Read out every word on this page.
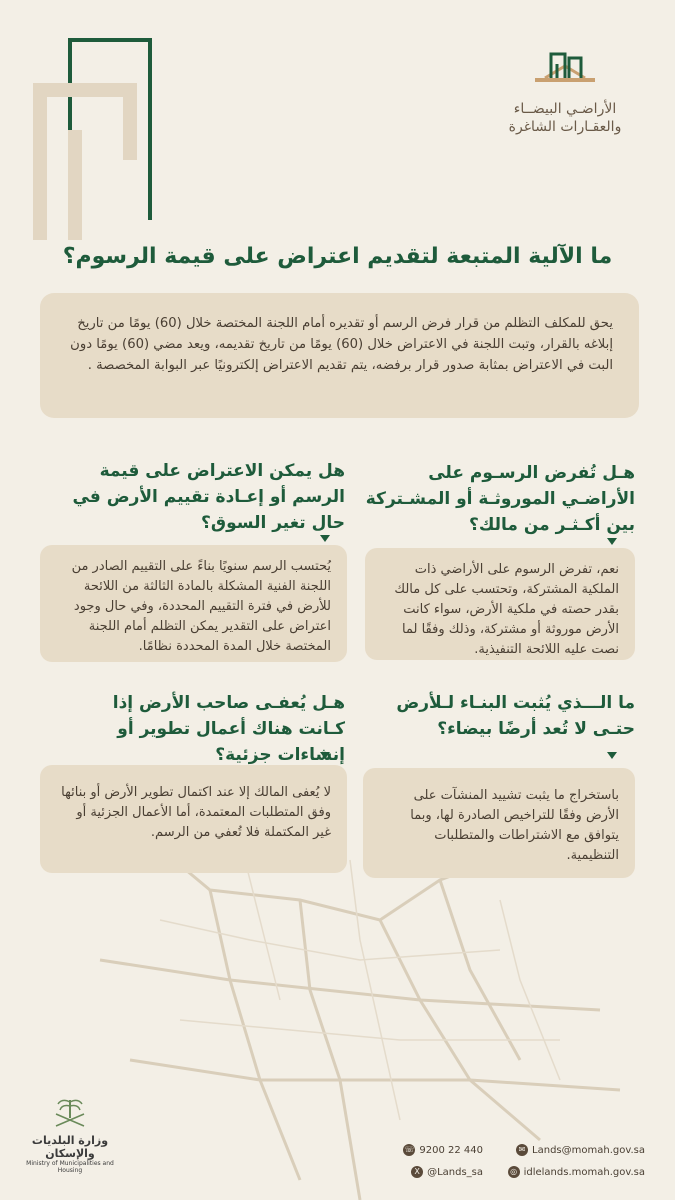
الأراضـي البيضــاء
والعقـارات الشاغرة
ما الآلية المتبعة لتقديم اعتراض على قيمة الرسوم؟
يحق للمكلف التظلم من قرار فرض الرسم أو تقديره أمام اللجنة المختصة خلال (60) يومًا من تاريخ إبلاغه بالقرار، وتبت اللجنة في الاعتراض خلال (60) يومًا من تاريخ تقديمه، ويعد مضي (60) يومًا دون البت في الاعتراض بمثابة صدور قرار برفضه، يتم تقديم الاعتراض إلكترونيًا عبر البوابة المخصصة .
هـل تُفرض الرسـوم على الأراضـي الموروثـة أو المشـتركة بين أكـثـر من مالك؟
نعم، تفرض الرسوم على الأراضي ذات الملكية المشتركة، وتحتسب على كل مالك بقدر حصته في ملكية الأرض، سواء كانت الأرض موروثة أو مشتركة، وذلك وفقًا لما نصت عليه اللائحة التنفيذية.
هل يمكن الاعتراض على قيمة الرسم أو إعـادة تقييم الأرض في حال تغير السوق؟
يُحتسب الرسم سنويًا بناءً على التقييم الصادر من اللجنة الفنية المشكلة بالمادة الثالثة من اللائحة للأرض في فترة التقييم المحددة، وفي حال وجود اعتراض على التقدير يمكن التظلم أمام اللجنة المختصة خلال المدة المحددة نظامًا.
ما الـــذي يُثبت البنـاء لـلأرض حتـى لا تُعد أرضًا بيضاء؟
باستخراج ما يثبت تشييد المنشآت على الأرض وفقًا للتراخيص الصادرة لها، وبما يتوافق مع الاشتراطات والمتطلبات التنظيمية.
هـل يُعفـى صاحب الأرض إذا كـانت هناك أعمال تطوير أو إنشاءات جزئية؟
لا يُعفى المالك إلا عند اكتمال تطوير الأرض أو بنائها وفق المتطلبات المعتمدة، أما الأعمال الجزئية أو غير المكتملة فلا تُعفي من الرسم.
✉ Lands@momah.gov.sa
◎ idlelands.momah.gov.sa
☏ 9200 22 440
X @Lands_sa
وزارة البلديات والإسكان
Ministry of Municipalities and Housing
